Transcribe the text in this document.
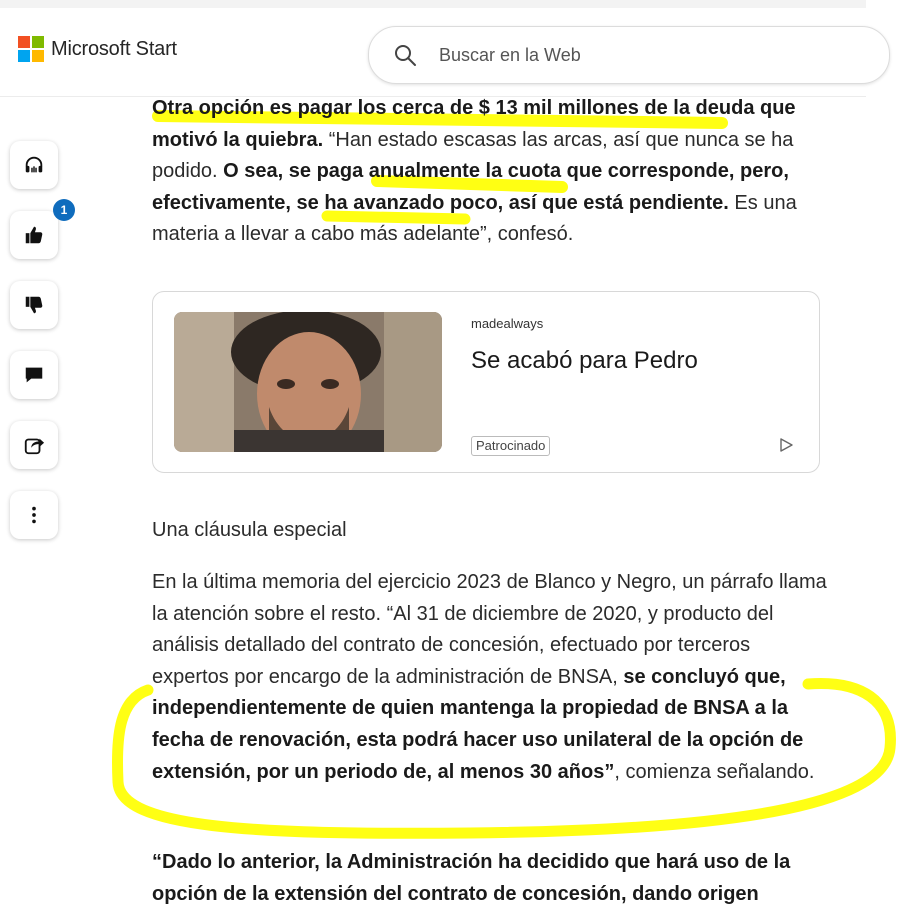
Microsoft Start	Buscar en la Web
1

Otra opción es pagar los cerca de $ 13 mil millones de la deuda que motivó la quiebra. “Han estado escasas las arcas, así que nunca se ha podido. O sea, se paga anualmente la cuota que corresponde, pero, efectivamente, se ha avanzado poco, así que está pendiente. Es una materia a llevar a cabo más adelante”, confesó.

madealways
Se acabó para Pedro
Patrocinado

Una cláusula especial

En la última memoria del ejercicio 2023 de Blanco y Negro, un párrafo llama la atención sobre el resto. “Al 31 de diciembre de 2020, y producto del análisis detallado del contrato de concesión, efectuado por terceros expertos por encargo de la administración de BNSA, se concluyó que, independientemente de quien mantenga la propiedad de BNSA a la fecha de renovación, esta podrá hacer uso unilateral de la opción de extensión, por un periodo de, al menos 30 años”, comienza señalando.

“Dado lo anterior, la Administración ha decidido que hará uso de la opción de la extensión del contrato de concesión, dando origen
